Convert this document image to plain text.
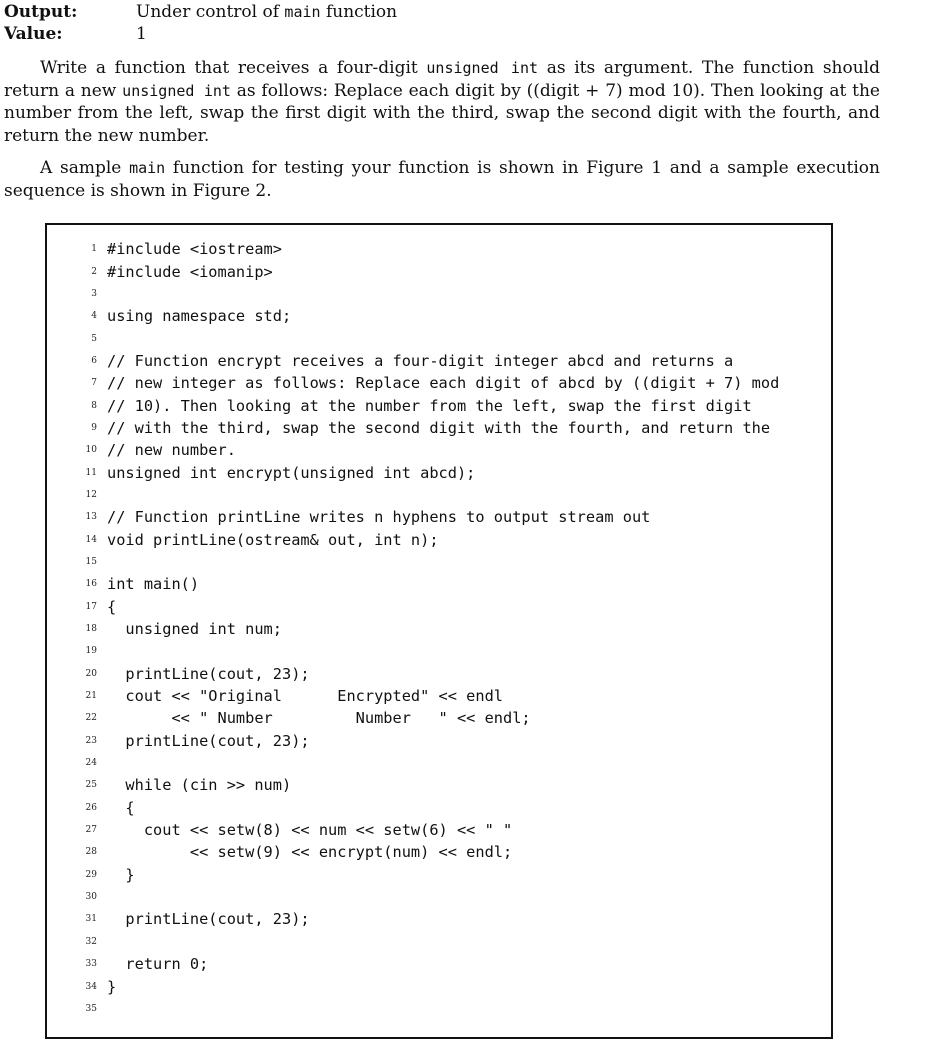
Output:	Under control of main function
Value:	1

Write a function that receives a four-digit unsigned int as its argument. The function should return a new unsigned int as follows: Replace each digit by ((digit + 7) mod 10). Then looking at the number from the left, swap the first digit with the third, swap the second digit with the fourth, and return the new number.

A sample main function for testing your function is shown in Figure 1 and a sample execution sequence is shown in Figure 2.

1 #include <iostream>
2 #include <iomanip>
3
4 using namespace std;
5
6 // Function encrypt receives a four-digit integer abcd and returns a
7 // new integer as follows: Replace each digit of abcd by ((digit + 7) mod
8 // 10). Then looking at the number from the left, swap the first digit
9 // with the third, swap the second digit with the fourth, and return the
10 // new number.
11 unsigned int encrypt(unsigned int abcd);
12
13 // Function printLine writes n hyphens to output stream out
14 void printLine(ostream& out, int n);
15
16 int main()
17 {
18 unsigned int num;
19
20 printLine(cout, 23);
21 cout << "Original      Encrypted" << endl
22 << " Number         Number   " << endl;
23 printLine(cout, 23);
24
25 while (cin >> num)
26 {
27 cout << setw(8) << num << setw(6) << " "
28 << setw(9) << encrypt(num) << endl;
29 }
30
31 printLine(cout, 23);
32
33 return 0;
34 }
35
